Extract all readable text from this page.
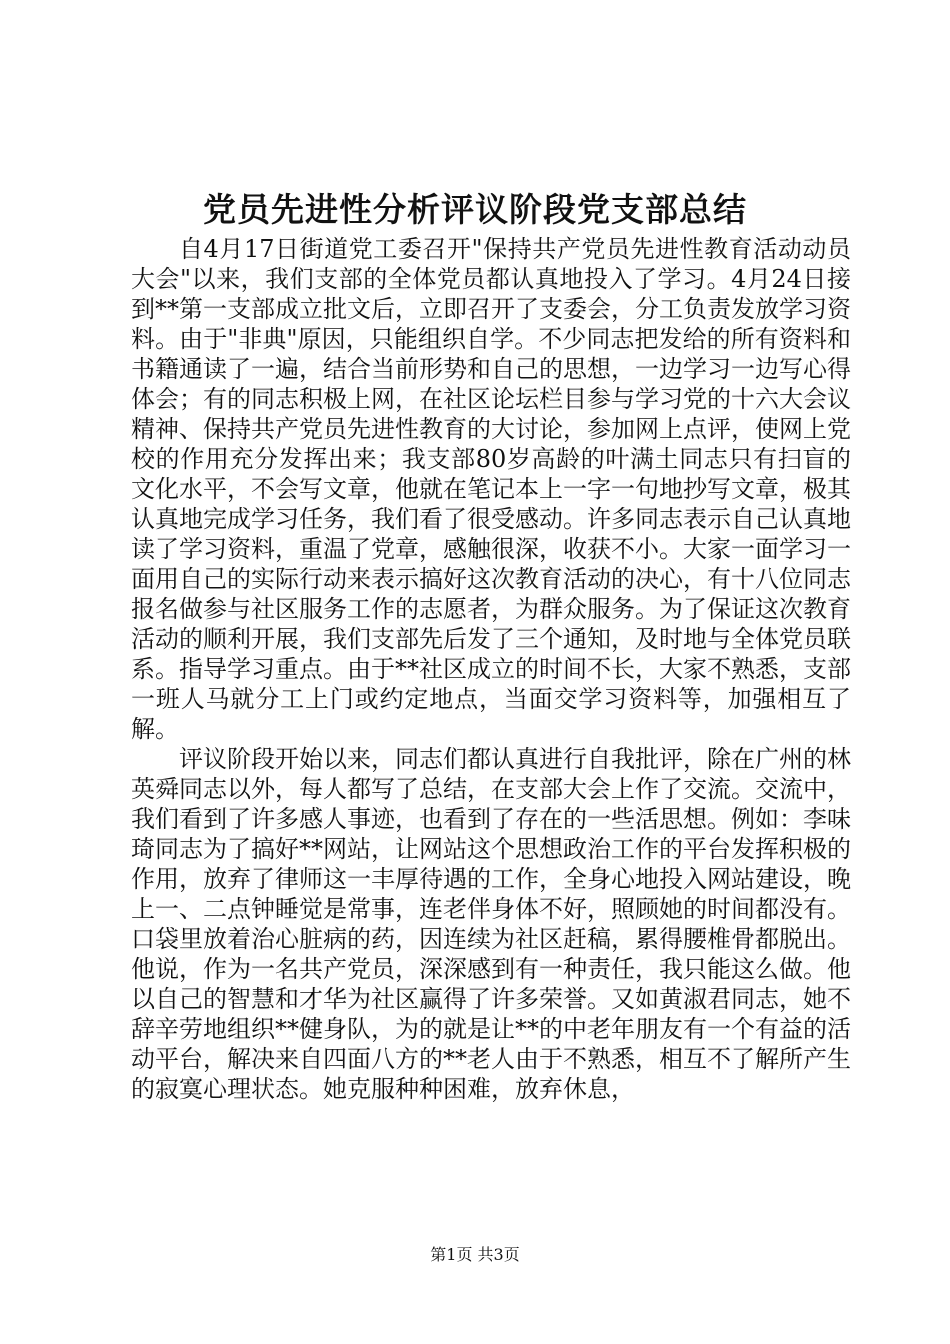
党员先进性分析评议阶段党支部总结

自4月17日街道党工委召开"保持共产党员先进性教育活动动员大会"以来，我们支部的全体党员都认真地投入了学习。4月24日接到**第一支部成立批文后，立即召开了支委会，分工负责发放学习资料。由于"非典"原因，只能组织自学。不少同志把发给的所有资料和书籍通读了一遍，结合当前形势和自己的思想，一边学习一边写心得体会；有的同志积极上网，在社区论坛栏目参与学习党的十六大会议精神、保持共产党员先进性教育的大讨论，参加网上点评，使网上党校的作用充分发挥出来；我支部80岁高龄的叶满土同志只有扫盲的文化水平，不会写文章，他就在笔记本上一字一句地抄写文章，极其认真地完成学习任务，我们看了很受感动。许多同志表示自己认真地读了学习资料，重温了党章，感触很深，收获不小。大家一面学习一面用自己的实际行动来表示搞好这次教育活动的决心，有十八位同志报名做参与社区服务工作的志愿者，为群众服务。为了保证这次教育活动的顺利开展，我们支部先后发了三个通知，及时地与全体党员联系。指导学习重点。由于**社区成立的时间不长，大家不熟悉，支部一班人马就分工上门或约定地点，当面交学习资料等，加强相互了解。

评议阶段开始以来，同志们都认真进行自我批评，除在广州的林英舜同志以外，每人都写了总结，在支部大会上作了交流。交流中，我们看到了许多感人事迹，也看到了存在的一些活思想。例如：李味琦同志为了搞好**网站，让网站这个思想政治工作的平台发挥积极的作用，放弃了律师这一丰厚待遇的工作，全身心地投入网站建设，晚上一、二点钟睡觉是常事，连老伴身体不好，照顾她的时间都没有。口袋里放着治心脏病的药，因连续为社区赶稿，累得腰椎骨都脱出。他说，作为一名共产党员，深深感到有一种责任，我只能这么做。他以自己的智慧和才华为社区赢得了许多荣誉。又如黄淑君同志，她不辞辛劳地组织**健身队，为的就是让**的中老年朋友有一个有益的活动平台，解决来自四面八方的**老人由于不熟悉，相互不了解所产生的寂寞心理状态。她克服种种困难，放弃休息，

第1页 共3页
